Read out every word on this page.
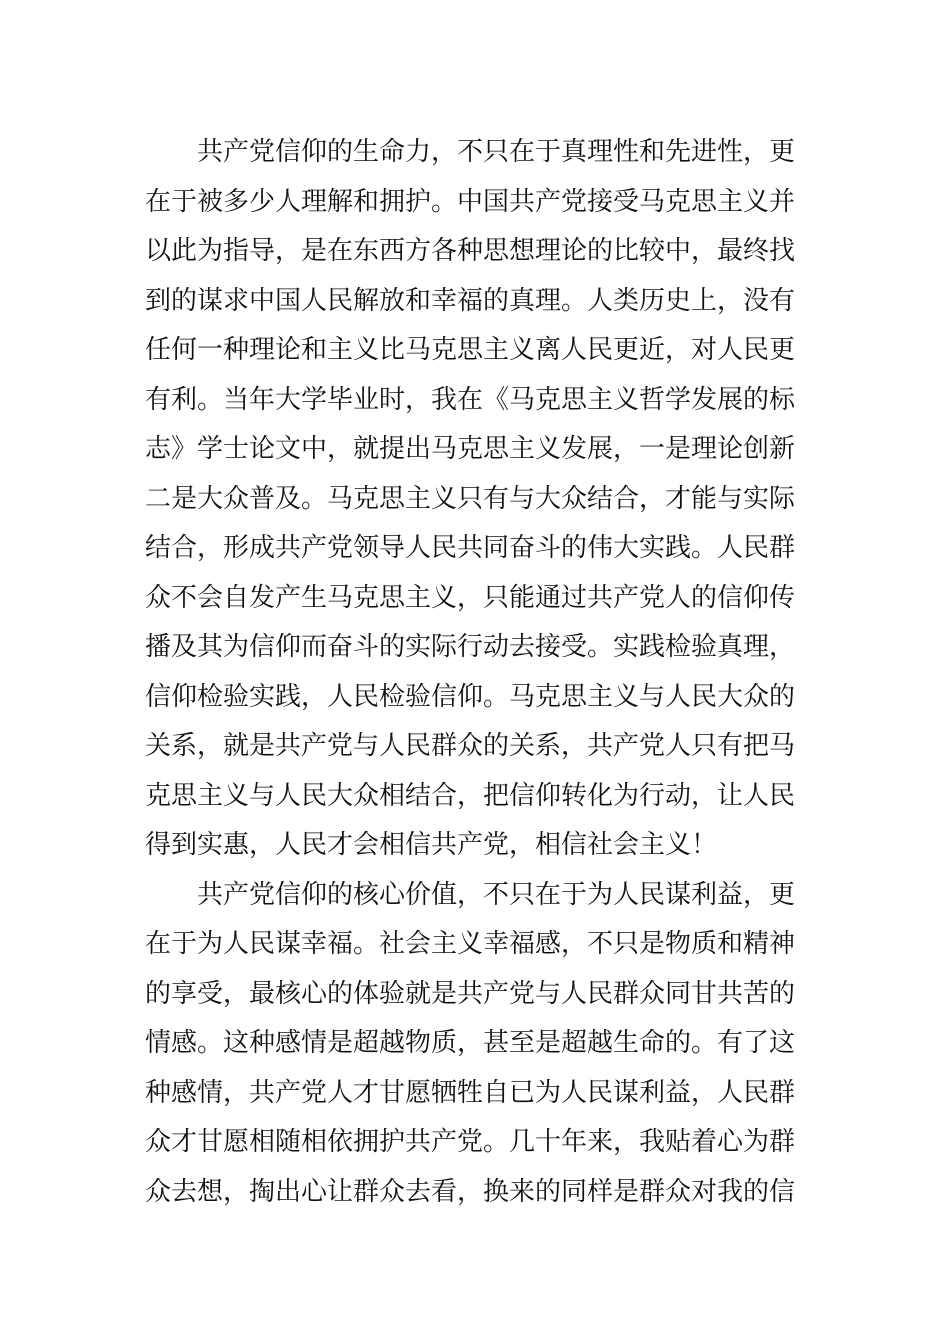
共产党信仰的生命力，不只在于真理性和先进性，更
在于被多少人理解和拥护。中国共产党接受马克思主义并
以此为指导，是在东西方各种思想理论的比较中，最终找
到的谋求中国人民解放和幸福的真理。人类历史上，没有
任何一种理论和主义比马克思主义离人民更近，对人民更
有利。当年大学毕业时，我在《马克思主义哲学发展的标
志》学士论文中，就提出马克思主义发展，一是理论创新
二是大众普及。马克思主义只有与大众结合，才能与实际
结合，形成共产党领导人民共同奋斗的伟大实践。人民群
众不会自发产生马克思主义，只能通过共产党人的信仰传
播及其为信仰而奋斗的实际行动去接受。实践检验真理，
信仰检验实践，人民检验信仰。马克思主义与人民大众的
关系，就是共产党与人民群众的关系，共产党人只有把马
克思主义与人民大众相结合，把信仰转化为行动，让人民
得到实惠，人民才会相信共产党，相信社会主义！
共产党信仰的核心价值，不只在于为人民谋利益，更
在于为人民谋幸福。社会主义幸福感，不只是物质和精神
的享受，最核心的体验就是共产党与人民群众同甘共苦的
情感。这种感情是超越物质，甚至是超越生命的。有了这
种感情，共产党人才甘愿牺牲自已为人民谋利益，人民群
众才甘愿相随相依拥护共产党。几十年来，我贴着心为群
众去想，掏出心让群众去看，换来的同样是群众对我的信
